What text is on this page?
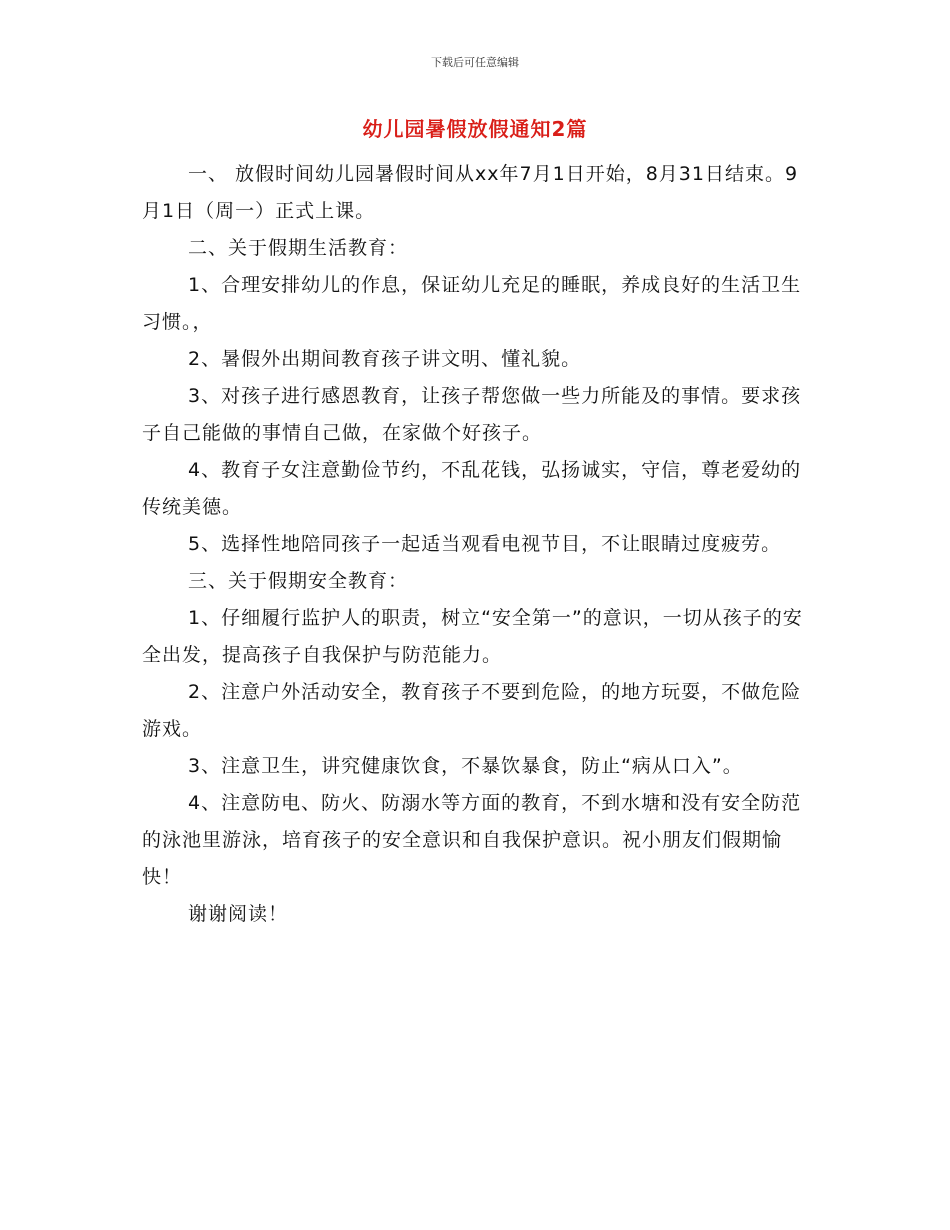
下载后可任意编辑
幼儿园暑假放假通知2篇

一、 放假时间幼儿园暑假时间从xx年7月1日开始，8月31日结束。9月1日（周一）正式上课。

二、关于假期生活教育：

1、合理安排幼儿的作息，保证幼儿充足的睡眠，养成良好的生活卫生习惯。，

2、暑假外出期间教育孩子讲文明、懂礼貌。

3、对孩子进行感恩教育，让孩子帮您做一些力所能及的事情。要求孩子自己能做的事情自己做，在家做个好孩子。

4、教育子女注意勤俭节约，不乱花钱，弘扬诚实，守信，尊老爱幼的传统美德。

5、选择性地陪同孩子一起适当观看电视节目，不让眼睛过度疲劳。

三、关于假期安全教育：

1、仔细履行监护人的职责，树立“安全第一”的意识，一切从孩子的安全出发，提高孩子自我保护与防范能力。

2、注意户外活动安全，教育孩子不要到危险，的地方玩耍，不做危险游戏。

3、注意卫生，讲究健康饮食，不暴饮暴食，防止“病从口入”。

4、注意防电、防火、防溺水等方面的教育，不到水塘和没有安全防范的泳池里游泳，培育孩子的安全意识和自我保护意识。祝小朋友们假期愉快！

谢谢阅读！
